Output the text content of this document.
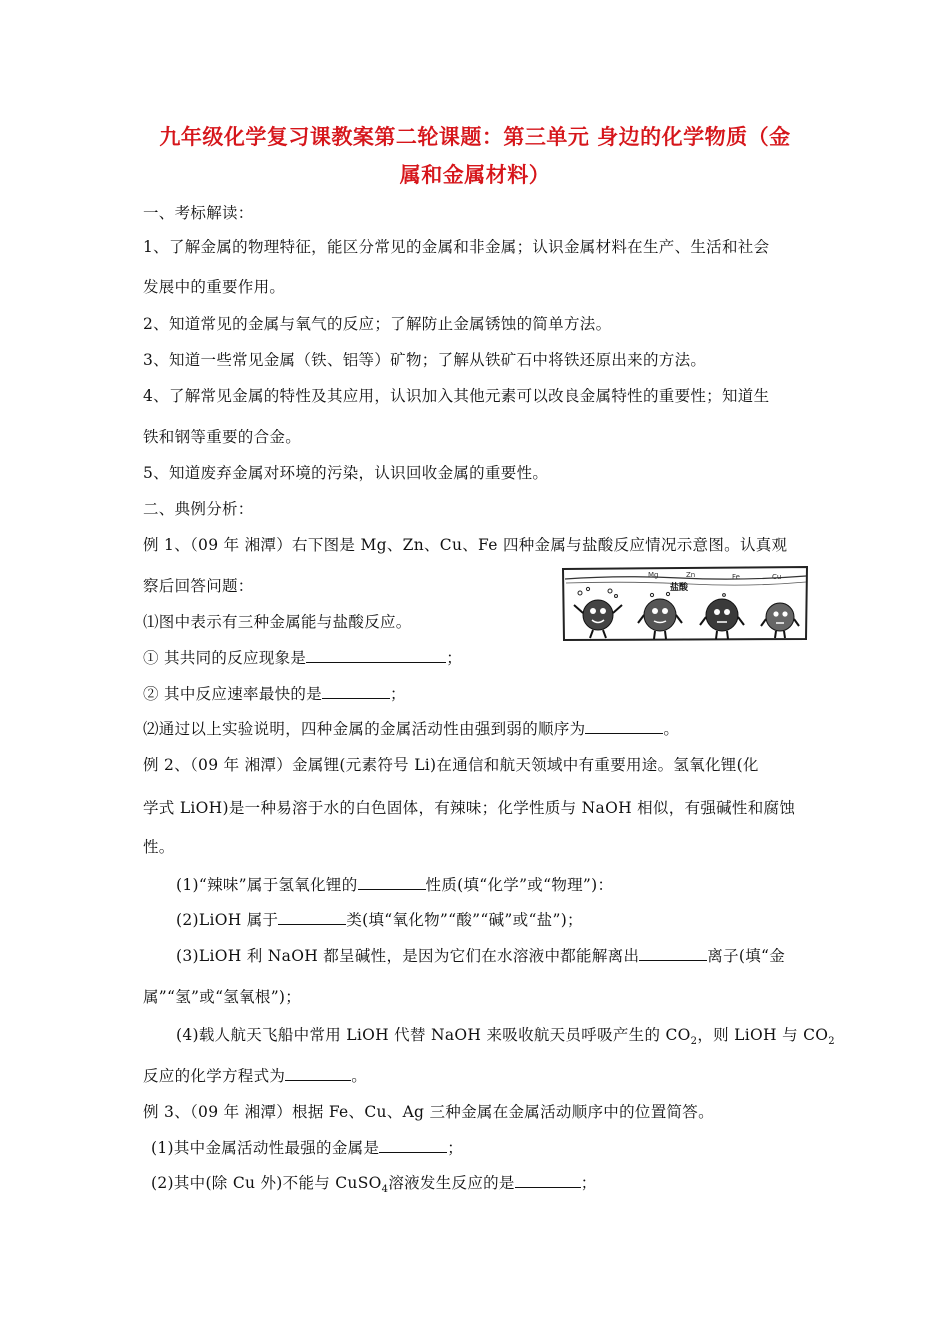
九年级化学复习课教案第二轮课题：第三单元 身边的化学物质（金
属和金属材料）
一、考标解读：
1、了解金属的物理特征，能区分常见的金属和非金属；认识金属材料在生产、生活和社会
发展中的重要作用。
2、知道常见的金属与氧气的反应；了解防止金属锈蚀的简单方法。
3、知道一些常见金属（铁、铝等）矿物；了解从铁矿石中将铁还原出来的方法。
4、了解常见金属的特性及其应用，认识加入其他元素可以改良金属特性的重要性；知道生
铁和钢等重要的合金。
5、知道废弃金属对环境的污染，认识回收金属的重要性。
二、典例分析：
例 1、（09 年 湘潭）右下图是 Mg、Zn、Cu、Fe 四种金属与盐酸反应情况示意图。认真观
察后回答问题：
⑴图中表示有三种金属能与盐酸反应。
① 其共同的反应现象是	；
② 其中反应速率最快的是	；
⑵通过以上实验说明，四种金属的金属活动性由强到弱的顺序为	。
Mg	Zn	Fe	Cu
盐酸
例 2、（09 年 湘潭）金属锂(元素符号 Li)在通信和航天领域中有重要用途。氢氧化锂(化
学式 LiOH)是一种易溶于水的白色固体，有辣味；化学性质与 NaOH 相似，有强碱性和腐蚀
性。
(1)“辣味”属于氢氧化锂的	性质(填“化学”或“物理”)：
(2)LiOH 属于	类(填“氧化物”“酸”“碱”或“盐”)；
(3)LiOH 利 NaOH 都呈碱性，是因为它们在水溶液中都能解离出	离子(填“金
属”“氢”或“氢氧根”)；
(4)载人航天飞船中常用 LiOH 代替 NaOH 来吸收航天员呼吸产生的 $CO_2$，则 LiOH 与 $CO_2$
反应的化学方程式为	。
例 3、（09 年 湘潭）根据 Fe、Cu、Ag 三种金属在金属活动顺序中的位置简答。
(1)其中金属活动性最强的金属是	；
(2)其中(除 Cu 外)不能与 CuSO$_4$溶液发生反应的是	；
